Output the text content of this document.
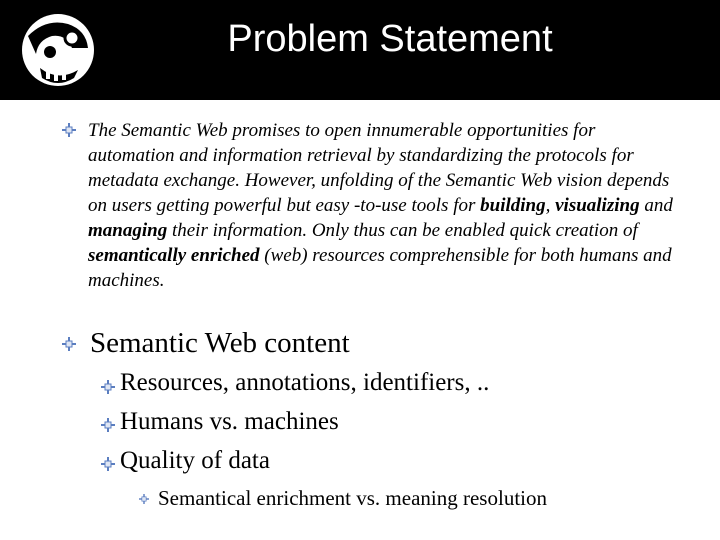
Problem Statement

The Semantic Web promises to open innumerable opportunities for automation and information retrieval by standardizing the protocols for metadata exchange. However, unfolding of the Semantic Web vision depends on users getting powerful but easy -to-use tools for building, visualizing and managing their information. Only thus can be enabled quick creation of semantically enriched (web) resources comprehensible for both humans and machines.

Semantic Web content
Resources, annotations, identifiers, ..
Humans vs. machines
Quality of data
Semantical enrichment vs. meaning resolution
